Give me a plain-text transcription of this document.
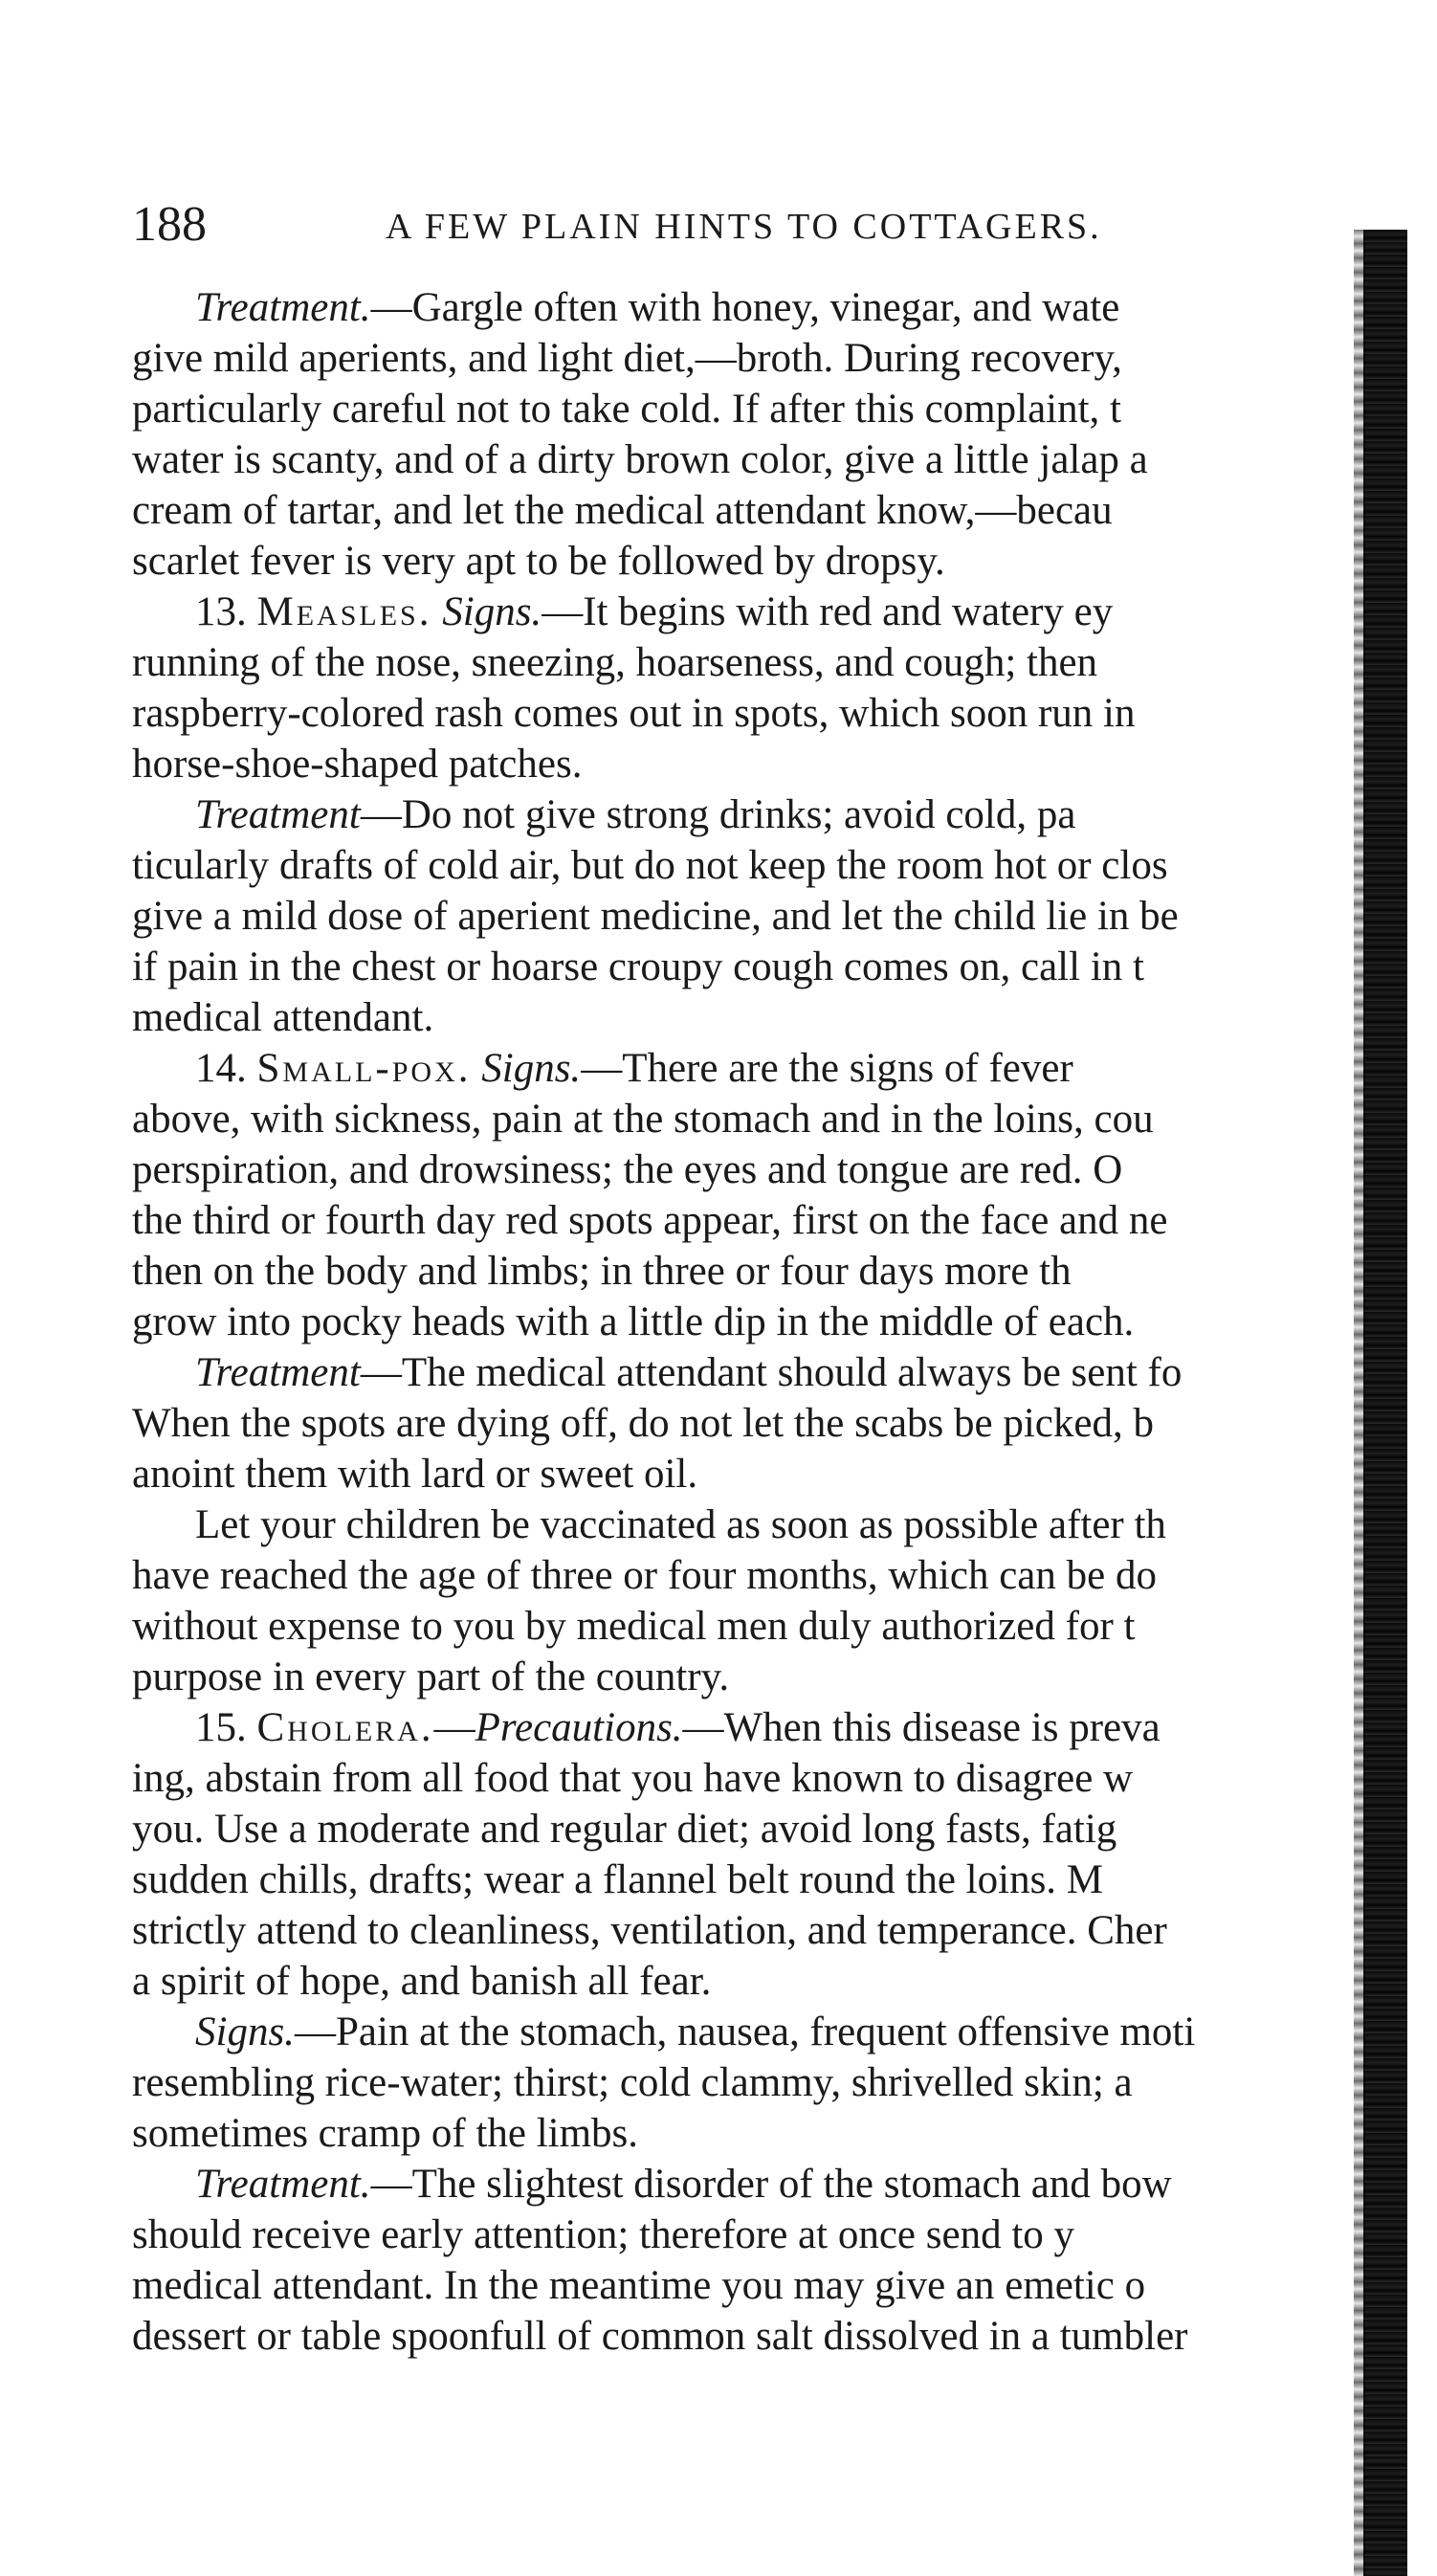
188	A FEW PLAIN HINTS TO COTTAGERS.
Treatment.—Gargle often with honey, vinegar, and wate
give mild aperients, and light diet,—broth. During recovery,
particularly careful not to take cold. If after this complaint, t
water is scanty, and of a dirty brown color, give a little jalap a
cream of tartar, and let the medical attendant know,—becau
scarlet fever is very apt to be followed by dropsy.
13. Measles. Signs.—It begins with red and watery ey
running of the nose, sneezing, hoarseness, and cough; then
raspberry-colored rash comes out in spots, which soon run in
horse-shoe-shaped patches.
Treatment—Do not give strong drinks; avoid cold, pa
ticularly drafts of cold air, but do not keep the room hot or clos
give a mild dose of aperient medicine, and let the child lie in be
if pain in the chest or hoarse croupy cough comes on, call in t
medical attendant.
14. Small-pox. Signs.—There are the signs of fever
above, with sickness, pain at the stomach and in the loins, cou
perspiration, and drowsiness; the eyes and tongue are red. O
the third or fourth day red spots appear, first on the face and ne
then on the body and limbs; in three or four days more th
grow into pocky heads with a little dip in the middle of each.
Treatment—The medical attendant should always be sent fo
When the spots are dying off, do not let the scabs be picked, b
anoint them with lard or sweet oil.
Let your children be vaccinated as soon as possible after th
have reached the age of three or four months, which can be do
without expense to you by medical men duly authorized for t
purpose in every part of the country.
15. Cholera.—Precautions.—When this disease is preva
ing, abstain from all food that you have known to disagree w
you. Use a moderate and regular diet; avoid long fasts, fatig
sudden chills, drafts; wear a flannel belt round the loins. M
strictly attend to cleanliness, ventilation, and temperance. Cher
a spirit of hope, and banish all fear.
Signs.—Pain at the stomach, nausea, frequent offensive moti
resembling rice-water; thirst; cold clammy, shrivelled skin; a
sometimes cramp of the limbs.
Treatment.—The slightest disorder of the stomach and bow
should receive early attention; therefore at once send to y
medical attendant. In the meantime you may give an emetic o
dessert or table spoonfull of common salt dissolved in a tumbler
